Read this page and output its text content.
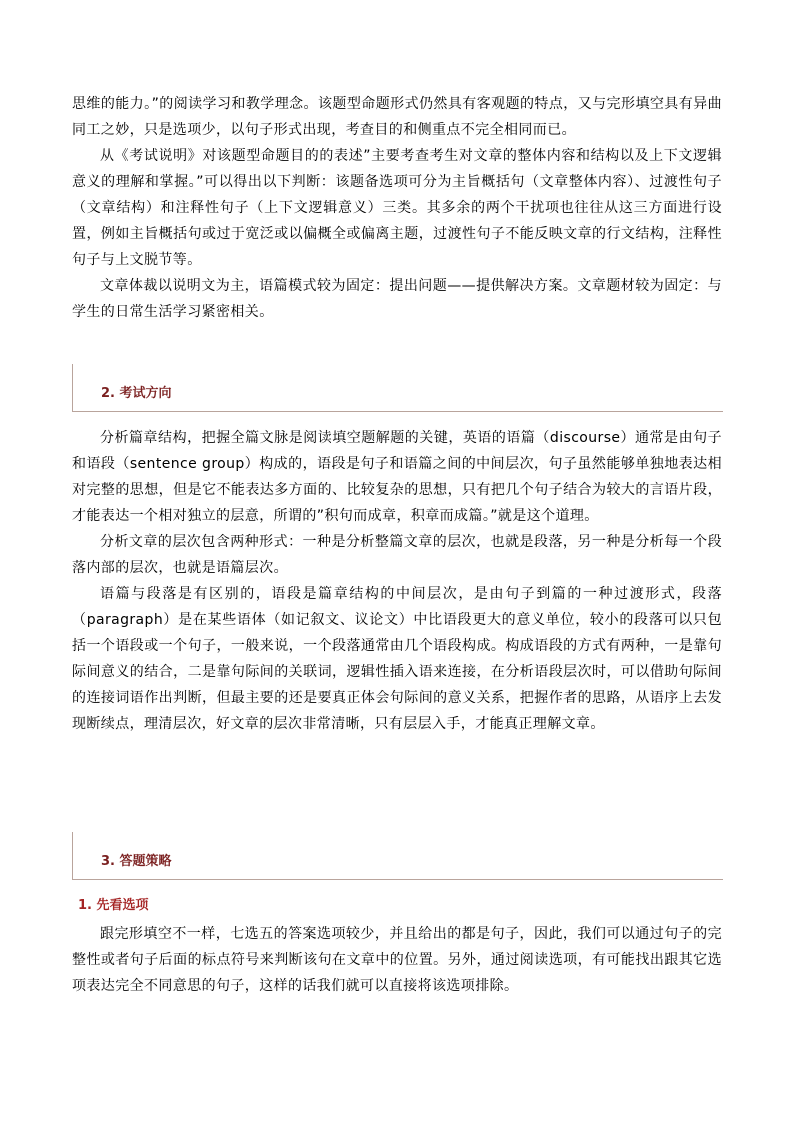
思维的能力。”的阅读学习和教学理念。该题型命题形式仍然具有客观题的特点，又与完形填空具有异曲同工之妙，只是选项少，以句子形式出现，考查目的和侧重点不完全相同而已。

从《考试说明》对该题型命题目的的表述”主要考查考生对文章的整体内容和结构以及上下文逻辑意义的理解和掌握。”可以得出以下判断：该题备选项可分为主旨概括句（文章整体内容）、过渡性句子（文章结构）和注释性句子（上下文逻辑意义）三类。其多余的两个干扰项也往往从这三方面进行设置，例如主旨概括句或过于宽泛或以偏概全或偏离主题，过渡性句子不能反映文章的行文结构，注释性句子与上文脱节等。

文章体裁以说明文为主，语篇模式较为固定：提出问题——提供解决方案。文章题材较为固定：与学生的日常生活学习紧密相关。

2. 考试方向

分析篇章结构，把握全篇文脉是阅读填空题解题的关键，英语的语篇（discourse）通常是由句子和语段（sentence group）构成的，语段是句子和语篇之间的中间层次，句子虽然能够单独地表达相对完整的思想，但是它不能表达多方面的、比较复杂的思想，只有把几个句子结合为较大的言语片段，才能表达一个相对独立的层意，所谓的”积句而成章，积章而成篇。”就是这个道理。

分析文章的层次包含两种形式：一种是分析整篇文章的层次，也就是段落，另一种是分析每一个段落内部的层次，也就是语篇层次。

语篇与段落是有区别的，语段是篇章结构的中间层次，是由句子到篇的一种过渡形式，段落（paragraph）是在某些语体（如记叙文、议论文）中比语段更大的意义单位，较小的段落可以只包括一个语段或一个句子，一般来说，一个段落通常由几个语段构成。构成语段的方式有两种，一是靠句际间意义的结合，二是靠句际间的关联词，逻辑性插入语来连接，在分析语段层次时，可以借助句际间的连接词语作出判断，但最主要的还是要真正体会句际间的意义关系，把握作者的思路，从语序上去发现断续点，理清层次，好文章的层次非常清晰，只有层层入手，才能真正理解文章。

3. 答题策略
1. 先看选项

跟完形填空不一样，七选五的答案选项较少，并且给出的都是句子，因此，我们可以通过句子的完整性或者句子后面的标点符号来判断该句在文章中的位置。另外，通过阅读选项，有可能找出跟其它选项表达完全不同意思的句子，这样的话我们就可以直接将该选项排除。
